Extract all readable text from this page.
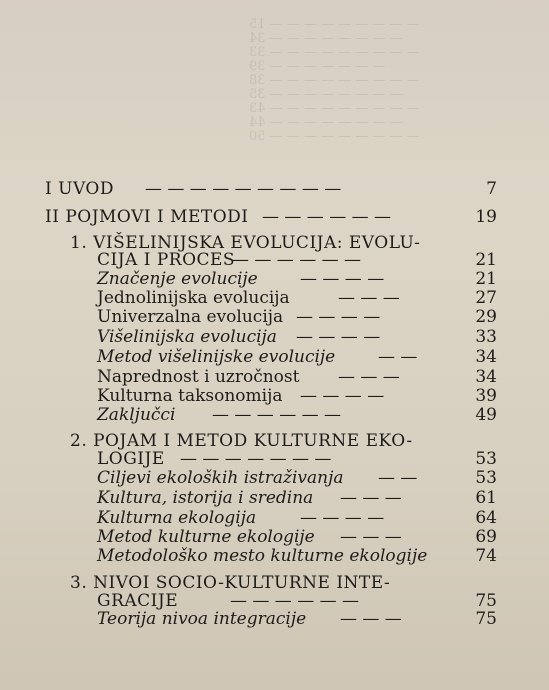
— — — — — — — — — 15
— — — — — — — — 34
— — — — — — — — — 33
— — — — — — — 39
— — — — — — — — — 38
— — — — — — — — 35
— — — — — — — — — 43
— — — — — — — — 44
— — — — — — — — — 50
I UVOD — — — — — — — — —	7
II POJMOVI I METODI — — — — — —	19
1. VIŠELINIJSKA EVOLUCIJA: EVOLU-
CIJA I PROCES
— — — — — —	21
Značenje evolucije — — — —	21
Jednolinijska evolucija	— — —	27
Univerzalna evolucija — — — —	29
Višelinijska evolucija — — — —	33
Metod višelinijske evolucije	— —	34
Naprednost i uzročnost — — —	34
Kulturna taksonomija — — — —	39
Zaključci — — — — — —	49
2. POJAM I METOD KULTURNE EKO-
LOGIJE — — — — — — —	53
Ciljevi ekoloških istraživanja — —	53
Kultura, istorija i sredina — — —	61
Kulturna ekologija	— — — —	64
Metod kulturne ekologije — — —	69
Metodološko mesto kulturne ekologije	74
3. NIVOI SOCIO-KULTURNE INTE-
GRACIJE	— — — — — —	75
Teorija nivoa integracije — — —	75
